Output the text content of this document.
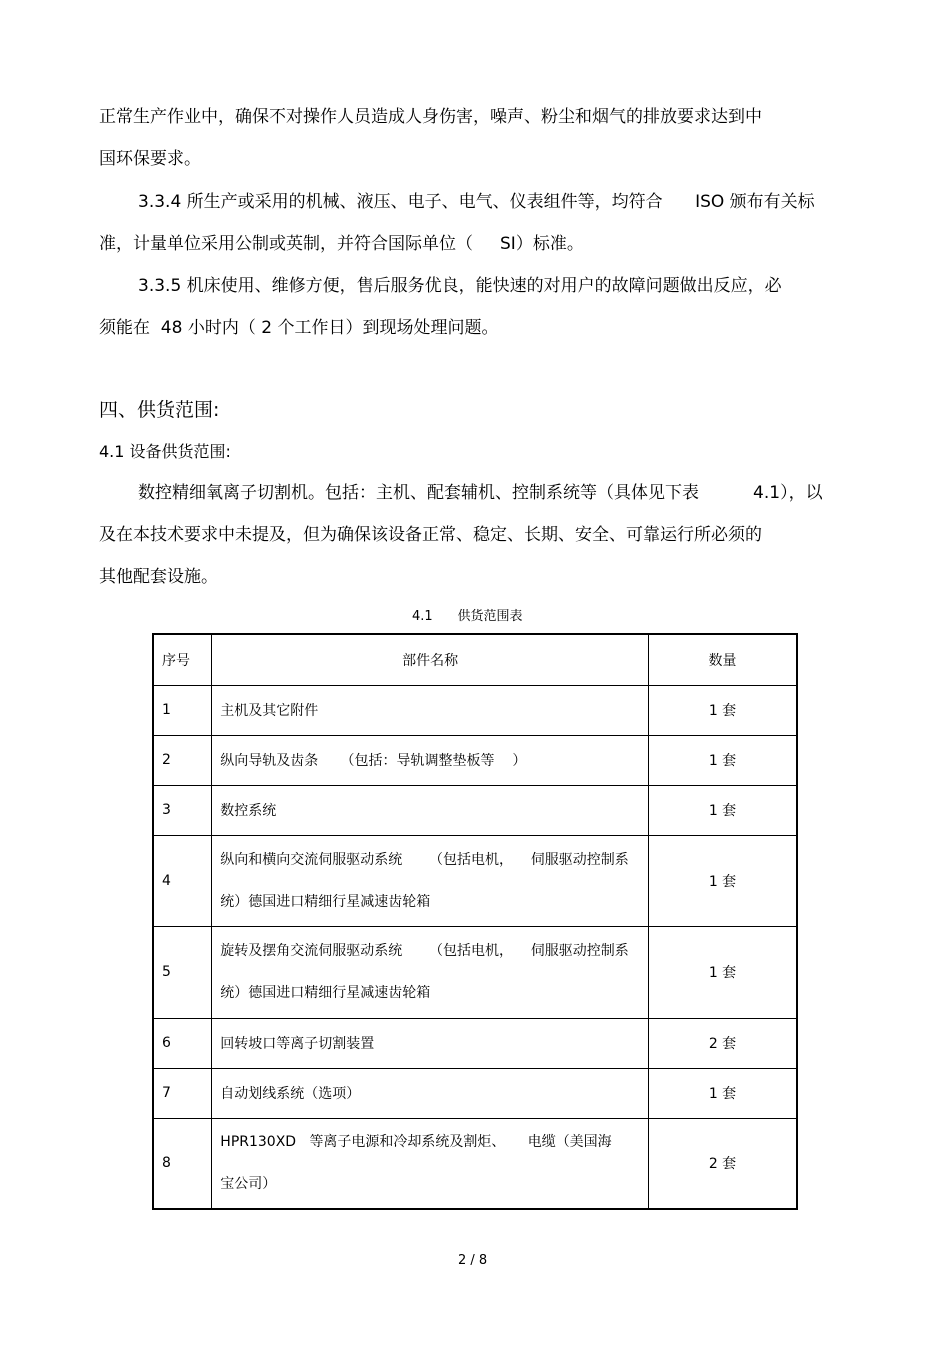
正常生产作业中，确保不对操作人员造成人身伤害，噪声、粉尘和烟气的排放要求达到中
国环保要求。
3.3.4 所生产或采用的机械、液压、电子、电气、仪表组件等，均符合      ISO 颁布有关标
准，计量单位采用公制或英制，并符合国际单位（     SI）标准。
3.3.5 机床使用、维修方便，售后服务优良，能快速的对用户的故障问题做出反应，必
须能在  48 小时内（ 2 个工作日）到现场处理问题。
四、供货范围:
4.1 设备供货范围:
数控精细氧离子切割机。包括：主机、配套辅机、控制系统等（具体见下表          4.1），以
及在本技术要求中未提及，但为确保该设备正常、稳定、长期、安全、可靠运行所必须的
其他配套设施。
4.1      供货范围表
序号	部件名称	数量
1	主机及其它附件	1 套
2	纵向导轨及齿条     （包括：导轨调整垫板等    ）	1 套
3	数控系统	1 套
4	纵向和横向交流伺服驱动系统      （包括电机，    伺服驱动控制系
统）德国进口精细行星减速齿轮箱	1 套
5	旋转及摆角交流伺服驱动系统      （包括电机，    伺服驱动控制系
统）德国进口精细行星减速齿轮箱	1 套
6	回转坡口等离子切割装置	2 套
7	自动划线系统（选项）	1 套
8	HPR130XD   等离子电源和冷却系统及割炬、     电缆（美国海
宝公司）	2 套
2 / 8
